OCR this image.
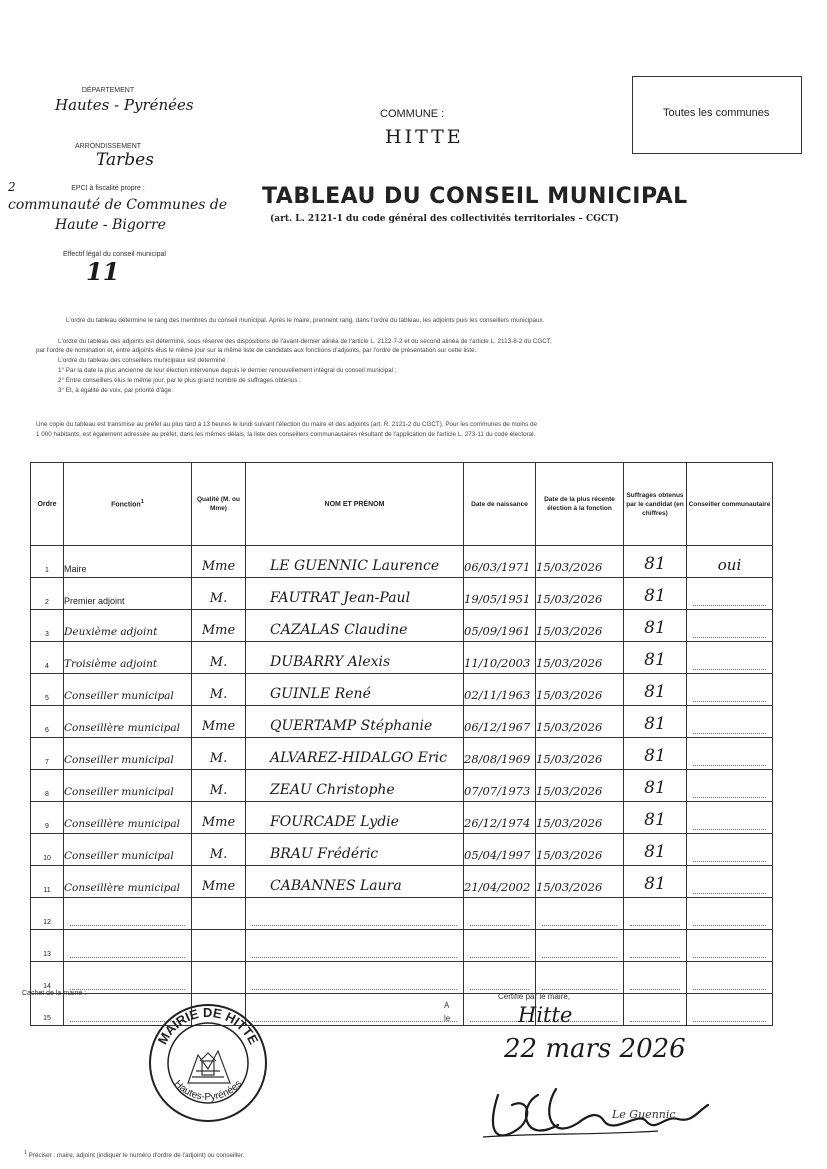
DÉPARTEMENT
Hautes - Pyrénées
ARRONDISSEMENT
Tarbes
2	EPCI à fiscalité propre :
communauté de Communes de
Haute - Bigorre
Effectif légal du conseil municipal
11
COMMUNE :
HITTE
Toutes les communes
TABLEAU DU CONSEIL MUNICIPAL
(art. L. 2121-1 du code général des collectivités territoriales – CGCT)
L'ordre du tableau détermine le rang des membres du conseil municipal. Après le maire, prennent rang, dans l'ordre du tableau, les adjoints puis les conseillers municipaux.
L'ordre du tableau des adjoints est déterminé, sous réserve des dispositions de l'avant-dernier alinéa de l'article L. 2122-7-2 et du second alinéa de l'article L. 2113-8-2 du CGCT,
par l'ordre de nomination et, entre adjoints élus le même jour sur la même liste de candidats aux fonctions d'adjoints, par l'ordre de présentation sur cette liste.
L'ordre du tableau des conseillers municipaux est déterminé :
1° Par la date la plus ancienne de leur élection intervenue depuis le dernier renouvellement intégral du conseil municipal ;
2° Entre conseillers élus le même jour, par le plus grand nombre de suffrages obtenus ;
3° Et, à égalité de voix, par priorité d'âge.
Une copie du tableau est transmise au préfet au plus tard à 13 heures le lundi suivant l'élection du maire et des adjoints (art. R. 2121-2 du CGCT). Pour les communes de moins de
1 000 habitants, est également adressée au préfet, dans les mêmes délais, la liste des conseillers communautaires résultant de l'application de l'article L. 273-11 du code électoral.
Ordre	Fonction$^1$	Qualité (M. ou Mme)	NOM ET PRÉNOM	Date de naissance	Date de la plus récente élection à la fonction	Suffrages obtenus par le candidat (en chiffres)	Conseiller communautaire
1	Maire	Mme	LE GUENNIC Laurence	06/03/1971	15/03/2026	81	oui

2	Premier adjoint	M.	FAUTRAT Jean-Paul	19/05/1951	15/03/2026	81	

3	Deuxième adjoint	Mme	CAZALAS Claudine	05/09/1961	15/03/2026	81	

4	Troisième adjoint	M.	DUBARRY Alexis	11/10/2003	15/03/2026	81	

5	Conseiller municipal	M.	GUINLE René	02/11/1963	15/03/2026	81	

6	Conseillère municipal	Mme	QUERTAMP Stéphanie	06/12/1967	15/03/2026	81	

7	Conseiller municipal	M.	ALVAREZ-HIDALGO Eric	28/08/1969	15/03/2026	81	

8	Conseiller municipal	M.	ZEAU Christophe	07/07/1973	15/03/2026	81	

9	Conseillère municipal	Mme	FOURCADE Lydie	26/12/1974	15/03/2026	81	

10	Conseiller municipal	M.	BRAU Frédéric	05/04/1997	15/03/2026	81	

11	Conseillère municipal	Mme	CABANNES Laura	21/04/2002	15/03/2026	81	

12	

13	

14	

15	

Cachet de la mairie :
MAIRIE DE HITTE
Hautes-Pyrénées
A
le
Certifié par le maire,
Hitte
22 mars 2026
Le Guennic
$^1$ Préciser : maire, adjoint (indiquer le numéro d'ordre de l'adjoint) ou conseiller.
